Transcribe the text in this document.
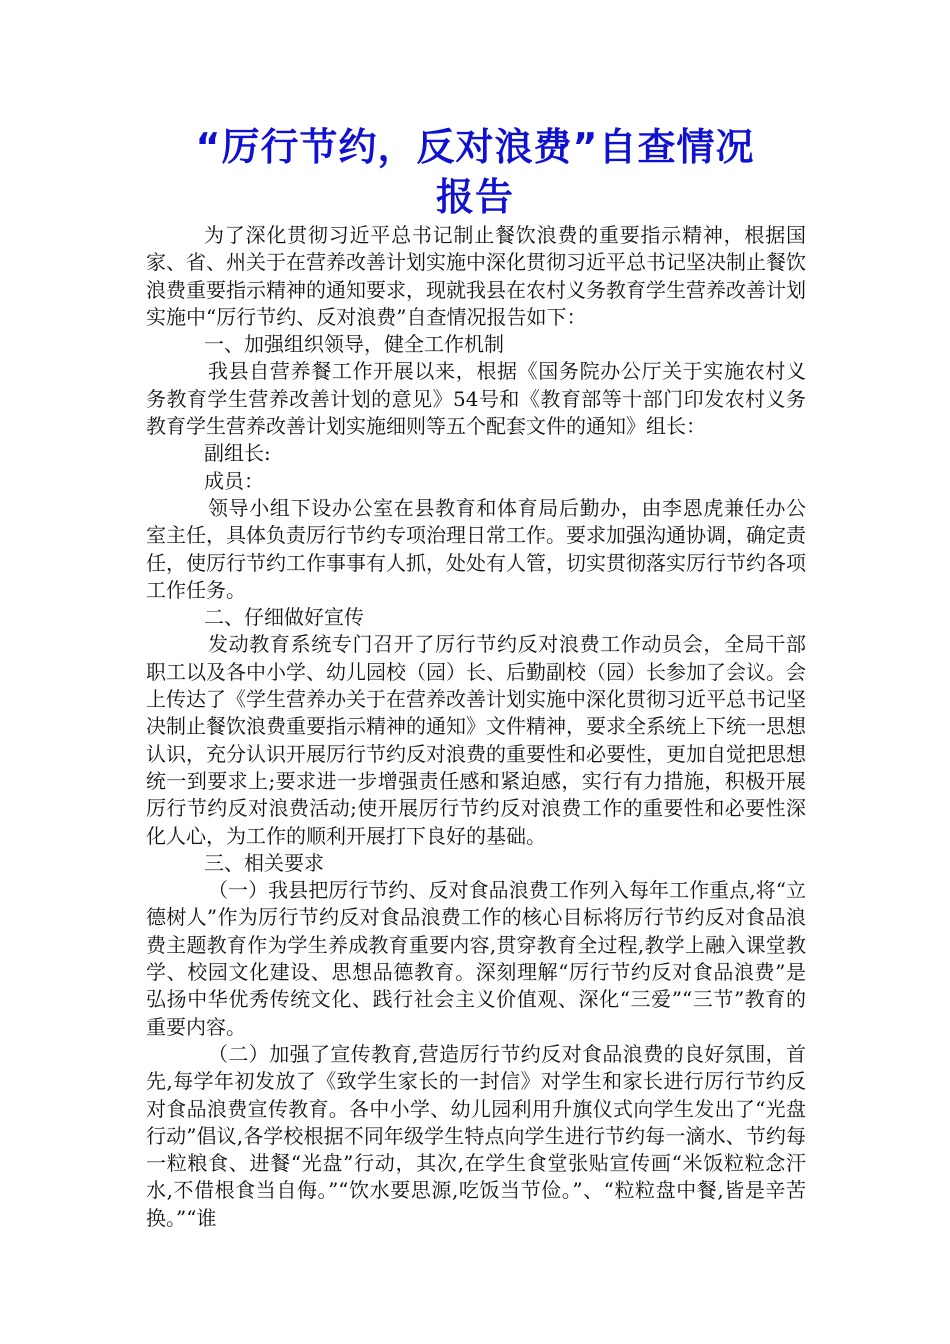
“厉行节约，反对浪费”自查情况
报告

为了深化贯彻习近平总书记制止餐饮浪费的重要指示精神，根据国家、省、州关于在营养改善计划实施中深化贯彻习近平总书记坚决制止餐饮浪费重要指示精神的通知要求，现就我县在农村义务教育学生营养改善计划实施中“厉行节约、反对浪费”自查情况报告如下：

一、加强组织领导，健全工作机制

我县自营养餐工作开展以来，根据《国务院办公厅关于实施农村义务教育学生营养改善计划的意见》54号和《教育部等十部门印发农村义务教育学生营养改善计划实施细则等五个配套文件的通知》组长：

副组长:

成员：

领导小组下设办公室在县教育和体育局后勤办，由李恩虎兼任办公室主任，具体负责厉行节约专项治理日常工作。要求加强沟通协调，确定责任，使厉行节约工作事事有人抓，处处有人管，切实贯彻落实厉行节约各项工作任务。

二、仔细做好宣传

发动教育系统专门召开了厉行节约反对浪费工作动员会，全局干部职工以及各中小学、幼儿园校（园）长、后勤副校（园）长参加了会议。会上传达了《学生营养办关于在营养改善计划实施中深化贯彻习近平总书记坚决制止餐饮浪费重要指示精神的通知》文件精神，要求全系统上下统一思想认识，充分认识开展厉行节约反对浪费的重要性和必要性，更加自觉把思想统一到要求上;要求进一步增强责任感和紧迫感，实行有力措施，积极开展厉行节约反对浪费活动;使开展厉行节约反对浪费工作的重要性和必要性深化人心，为工作的顺利开展打下良好的基础。

三、相关要求

（一）我县把厉行节约、反对食品浪费工作列入每年工作重点,将“立德树人”作为厉行节约反对食品浪费工作的核心目标将厉行节约反对食品浪费主题教育作为学生养成教育重要内容,贯穿教育全过程,教学上融入课堂教学、校园文化建设、思想品德教育。深刻理解“厉行节约反对食品浪费”是弘扬中华优秀传统文化、践行社会主义价值观、深化“三爱”“三节”教育的重要内容。

（二）加强了宣传教育,营造厉行节约反对食品浪费的良好氛围，首先,每学年初发放了《致学生家长的一封信》对学生和家长进行厉行节约反对食品浪费宣传教育。各中小学、幼儿园利用升旗仪式向学生发出了“光盘行动”倡议,各学校根据不同年级学生特点向学生进行节约每一滴水、节约每一粒粮食、进餐“光盘”行动，其次,在学生食堂张贴宣传画“米饭粒粒念汗水,不借根食当自侮。”“饮水要思源,吃饭当节俭。”、“粒粒盘中餐,皆是辛苦换。”“谁
